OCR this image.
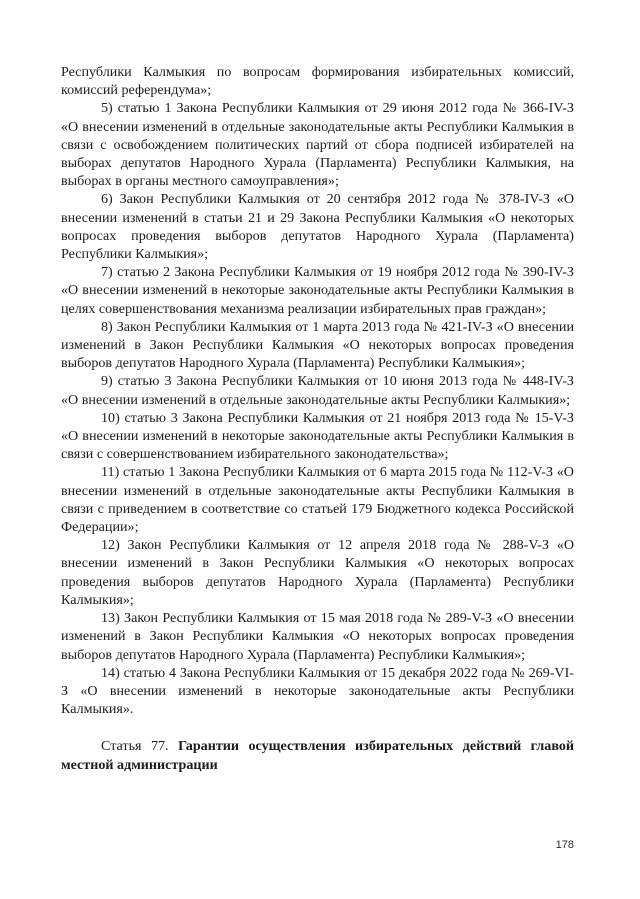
Республики Калмыкия по вопросам формирования избирательных комиссий, комиссий референдума»;

5) статью 1 Закона Республики Калмыкия от 29 июня 2012 года № 366-IV-З «О внесении изменений в отдельные законодательные акты Республики Калмыкия в связи с освобождением политических партий от сбора подписей избирателей на выборах депутатов Народного Хурала (Парламента) Республики Калмыкия, на выборах в органы местного самоуправления»;

6) Закон Республики Калмыкия от 20 сентября 2012 года № 378-IV-З «О внесении изменений в статьи 21 и 29 Закона Республики Калмыкия «О некоторых вопросах проведения выборов депутатов Народного Хурала (Парламента) Республики Калмыкия»;

7) статью 2 Закона Республики Калмыкия от 19 ноября 2012 года № 390-IV-З «О внесении изменений в некоторые законодательные акты Республики Калмыкия в целях совершенствования механизма реализации избирательных прав граждан»;

8) Закон Республики Калмыкия от 1 марта 2013 года № 421-IV-З «О внесении изменений в Закон Республики Калмыкия «О некоторых вопросах проведения выборов депутатов Народного Хурала (Парламента) Республики Калмыкия»;

9) статью 3 Закона Республики Калмыкия от 10 июня 2013 года № 448-IV-З «О внесении изменений в отдельные законодательные акты Республики Калмыкия»;

10) статью 3 Закона Республики Калмыкия от 21 ноября 2013 года № 15-V-З «О внесении изменений в некоторые законодательные акты Республики Калмыкия в связи с совершенствованием избирательного законодательства»;

11) статью 1 Закона Республики Калмыкия от 6 марта 2015 года № 112-V-З «О внесении изменений в отдельные законодательные акты Республики Калмыкия в связи с приведением в соответствие со статьей 179 Бюджетного кодекса Российской Федерации»;

12) Закон Республики Калмыкия от 12 апреля 2018 года № 288-V-З «О внесении изменений в Закон Республики Калмыкия «О некоторых вопросах проведения выборов депутатов Народного Хурала (Парламента) Республики Калмыкия»;

13) Закон Республики Калмыкия от 15 мая 2018 года № 289-V-З «О внесении изменений в Закон Республики Калмыкия «О некоторых вопросах проведения выборов депутатов Народного Хурала (Парламента) Республики Калмыкия»;

14) статью 4 Закона Республики Калмыкия от 15 декабря 2022 года № 269-VI-З «О внесении изменений в некоторые законодательные акты Республики Калмыкия».

Статья 77. Гарантии осуществления избирательных действий главой местной администрации

178
